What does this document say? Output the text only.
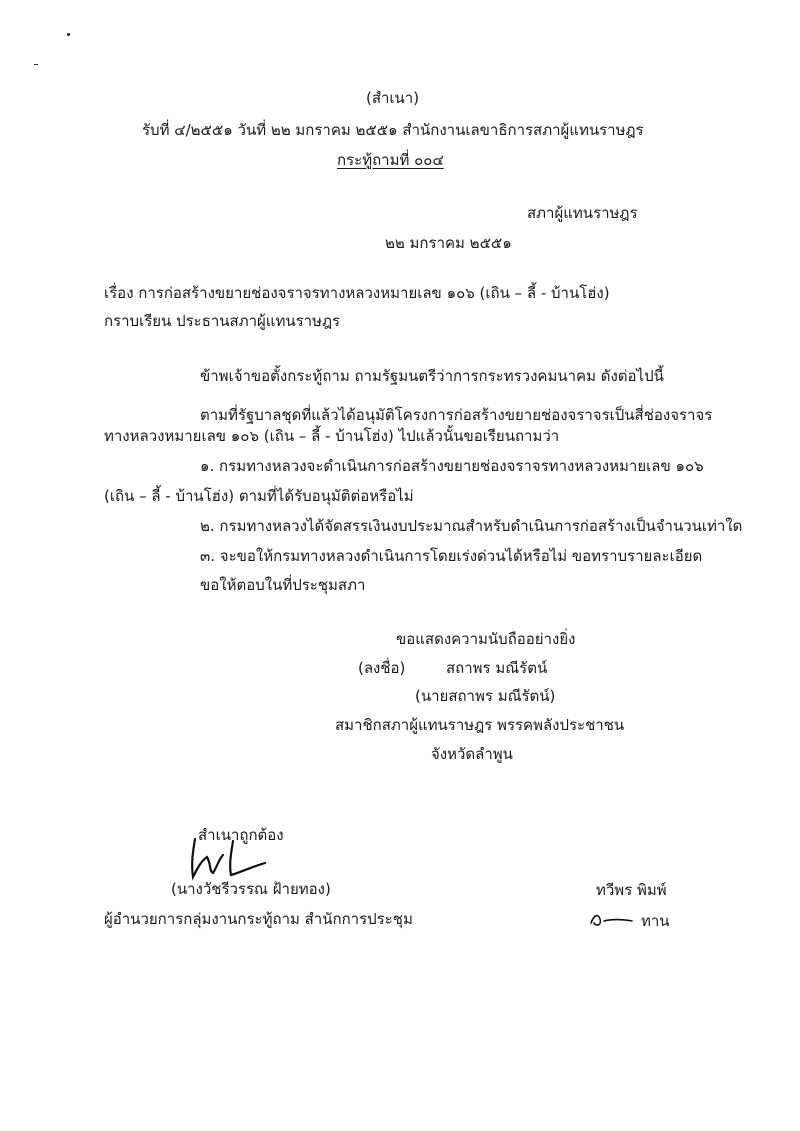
(สำเนา)
รับที่ ๔/๒๕๕๑ วันที่ ๒๒ มกราคม ๒๕๕๑ สำนักงานเลขาธิการสภาผู้แทนราษฎร
กระทู้ถามที่ ๐๐๔
สภาผู้แทนราษฎร
๒๒ มกราคม ๒๕๕๑
เรื่อง การก่อสร้างขยายช่องจราจรทางหลวงหมายเลข ๑๐๖ (เถิน – ลี้ - บ้านโฮ่ง)
กราบเรียน ประธานสภาผู้แทนราษฎร
ข้าพเจ้าขอตั้งกระทู้ถาม ถามรัฐมนตรีว่าการกระทรวงคมนาคม ดังต่อไปนี้
ตามที่รัฐบาลชุดที่แล้วได้อนุมัติโครงการก่อสร้างขยายช่องจราจรเป็นสี่ช่องจราจร
ทางหลวงหมายเลข ๑๐๖ (เถิน – ลี้ - บ้านโฮ่ง) ไปแล้วนั้นขอเรียนถามว่า
๑. กรมทางหลวงจะดำเนินการก่อสร้างขยายช่องจราจรทางหลวงหมายเลข ๑๐๖
(เถิน – ลี้ - บ้านโฮ่ง) ตามที่ได้รับอนุมัติต่อหรือไม่
๒. กรมทางหลวงได้จัดสรรเงินงบประมาณสำหรับดำเนินการก่อสร้างเป็นจำนวนเท่าใด
๓. จะขอให้กรมทางหลวงดำเนินการโดยเร่งด่วนได้หรือไม่ ขอทราบรายละเอียด
ขอให้ตอบในที่ประชุมสภา
ขอแสดงความนับถืออย่างยิ่ง
(ลงชื่อ)	สถาพร มณีรัตน์
(นายสถาพร มณีรัตน์)
สมาชิกสภาผู้แทนราษฎร พรรคพลังประชาชน
จังหวัดลำพูน
สำเนาถูกต้อง
(นางวัชรีวรรณ ฝ้ายทอง)
ผู้อำนวยการกลุ่มงานกระทู้ถาม สำนักการประชุม
ทวีพร พิมพ์
ทาน
